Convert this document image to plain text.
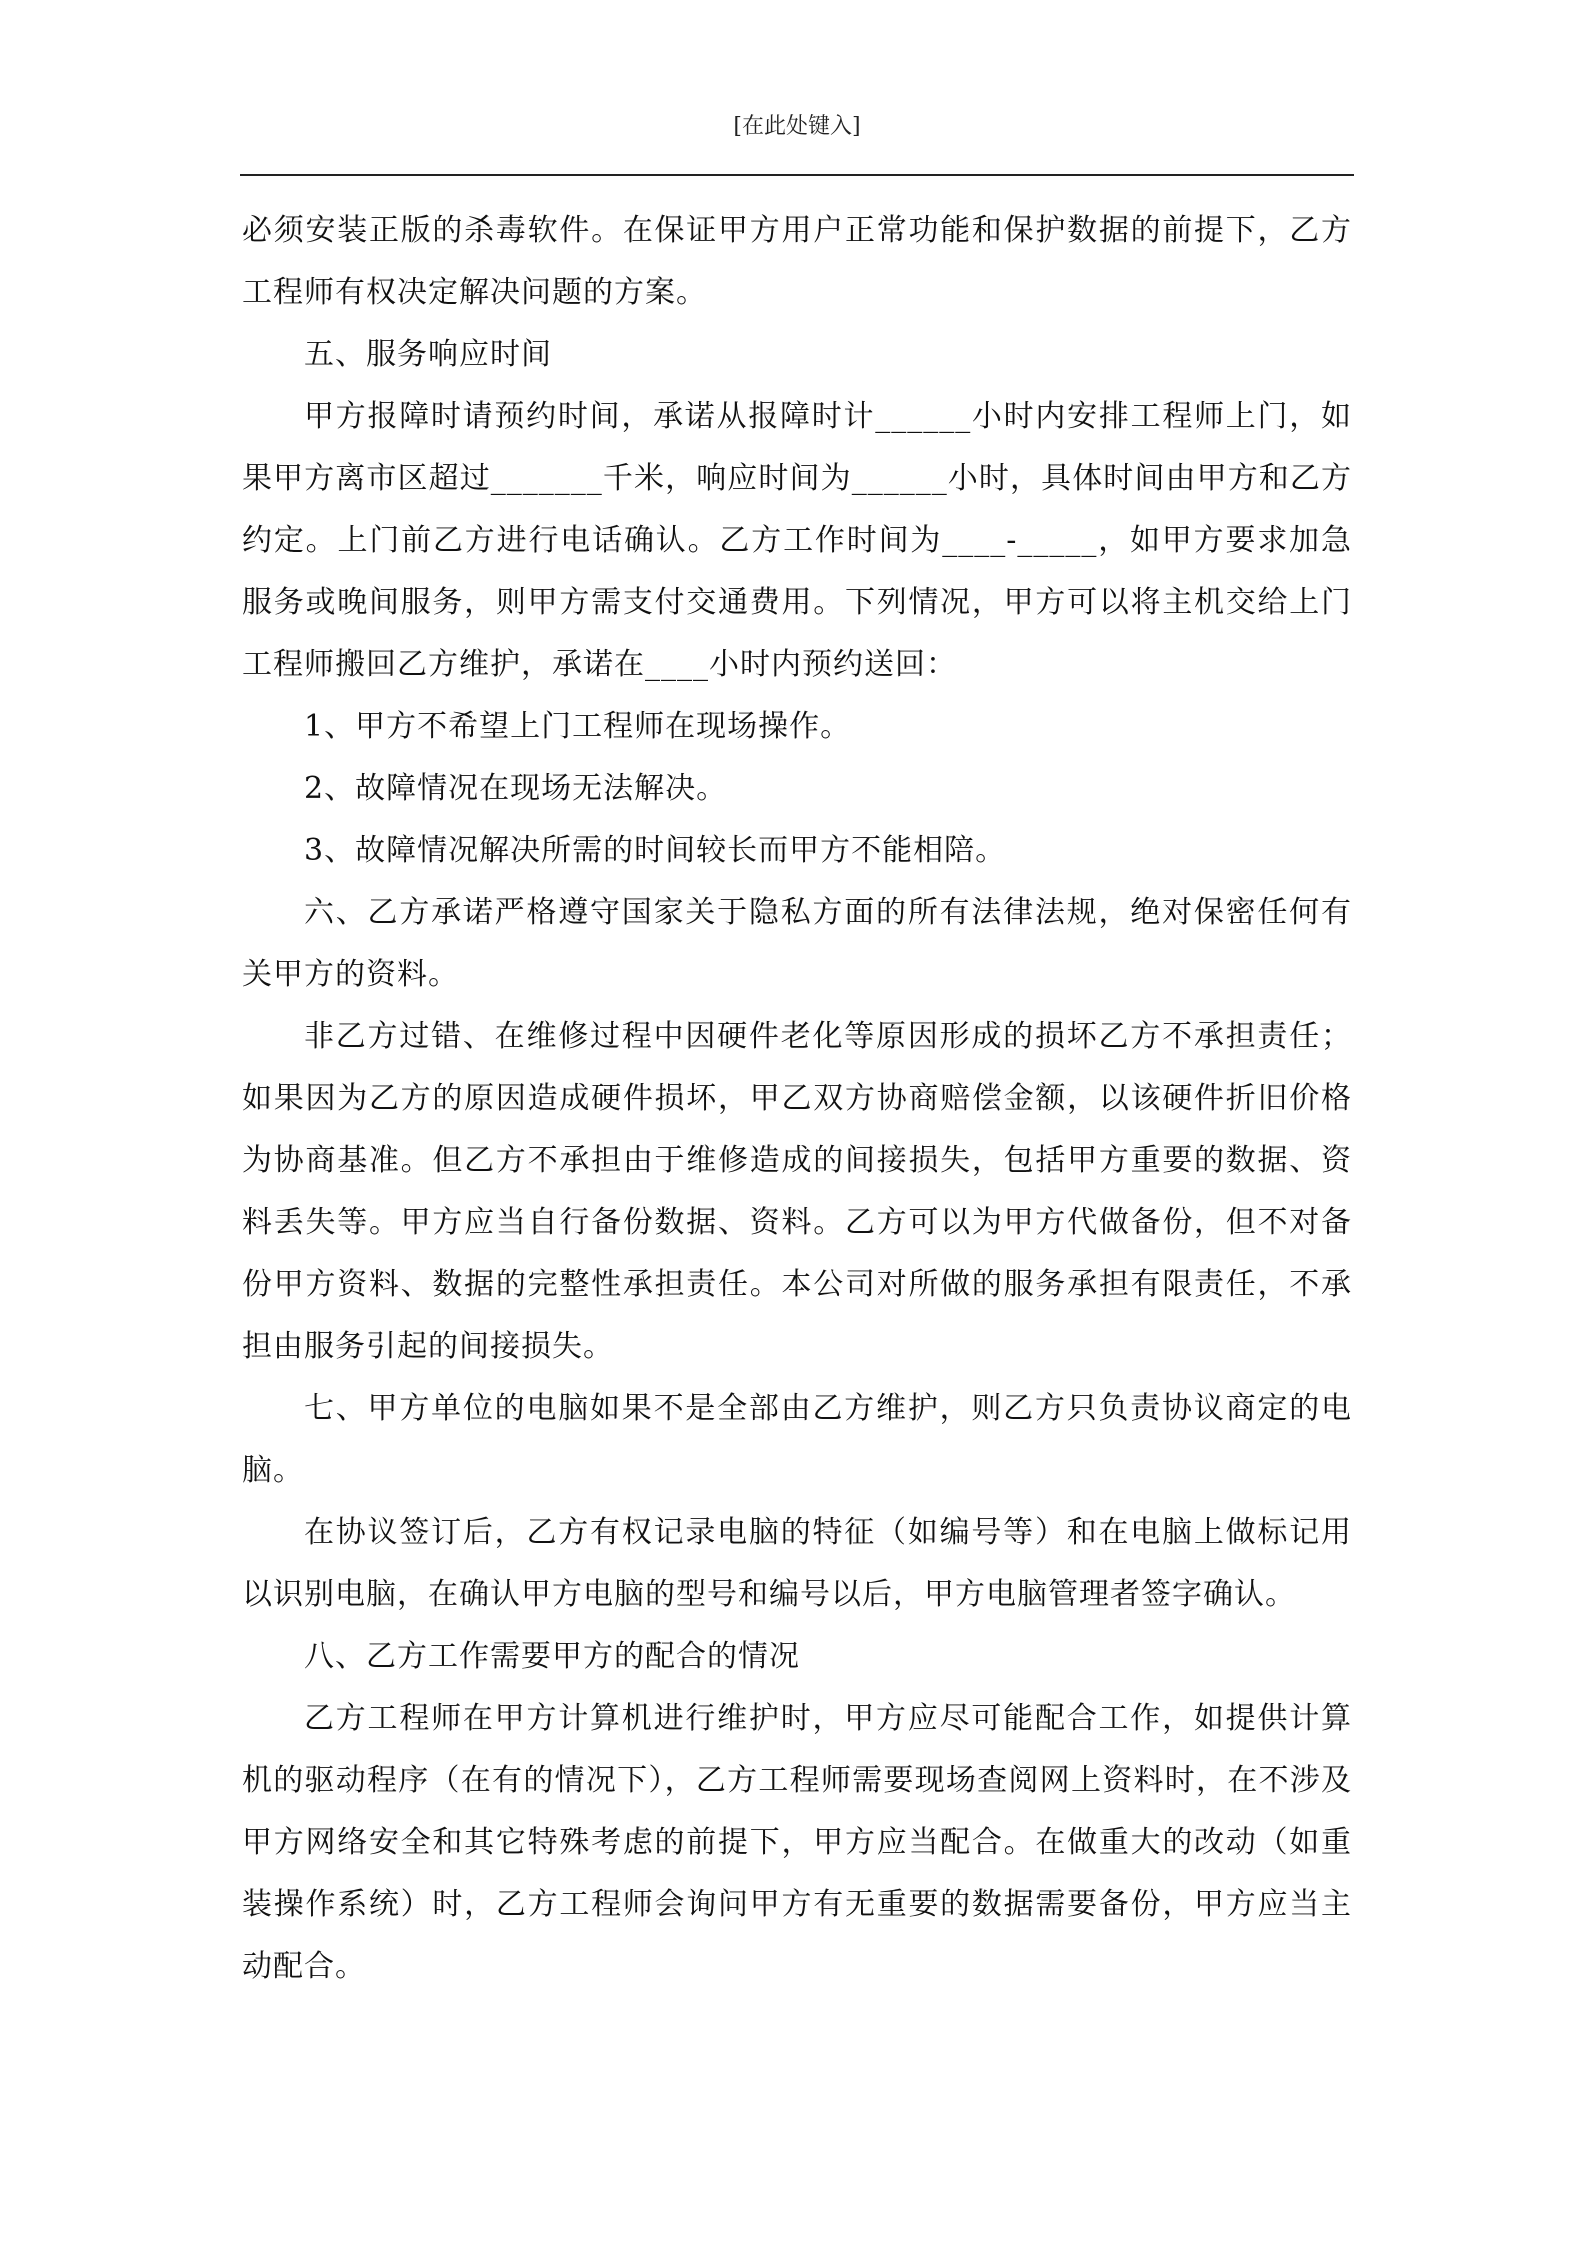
[在此处键入]

必须安装正版的杀毒软件。在保证甲方用户正常功能和保护数据的前提下，乙方工程师有权决定解决问题的方案。

五、服务响应时间

甲方报障时请预约时间，承诺从报障时计______小时内安排工程师上门，如果甲方离市区超过_______千米，响应时间为______小时，具体时间由甲方和乙方约定。上门前乙方进行电话确认。乙方工作时间为____-_____，如甲方要求加急服务或晚间服务，则甲方需支付交通费用。下列情况，甲方可以将主机交给上门工程师搬回乙方维护，承诺在____小时内预约送回：

1、甲方不希望上门工程师在现场操作。

2、故障情况在现场无法解决。

3、故障情况解决所需的时间较长而甲方不能相陪。

六、乙方承诺严格遵守国家关于隐私方面的所有法律法规，绝对保密任何有关甲方的资料。

非乙方过错、在维修过程中因硬件老化等原因形成的损坏乙方不承担责任；如果因为乙方的原因造成硬件损坏，甲乙双方协商赔偿金额，以该硬件折旧价格为协商基准。但乙方不承担由于维修造成的间接损失，包括甲方重要的数据、资料丢失等。甲方应当自行备份数据、资料。乙方可以为甲方代做备份，但不对备份甲方资料、数据的完整性承担责任。本公司对所做的服务承担有限责任，不承担由服务引起的间接损失。

七、甲方单位的电脑如果不是全部由乙方维护，则乙方只负责协议商定的电脑。

在协议签订后，乙方有权记录电脑的特征（如编号等）和在电脑上做标记用以识别电脑，在确认甲方电脑的型号和编号以后，甲方电脑管理者签字确认。

八、乙方工作需要甲方的配合的情况

乙方工程师在甲方计算机进行维护时，甲方应尽可能配合工作，如提供计算机的驱动程序（在有的情况下），乙方工程师需要现场查阅网上资料时，在不涉及甲方网络安全和其它特殊考虑的前提下，甲方应当配合。在做重大的改动（如重装操作系统）时，乙方工程师会询问甲方有无重要的数据需要备份，甲方应当主动配合。
